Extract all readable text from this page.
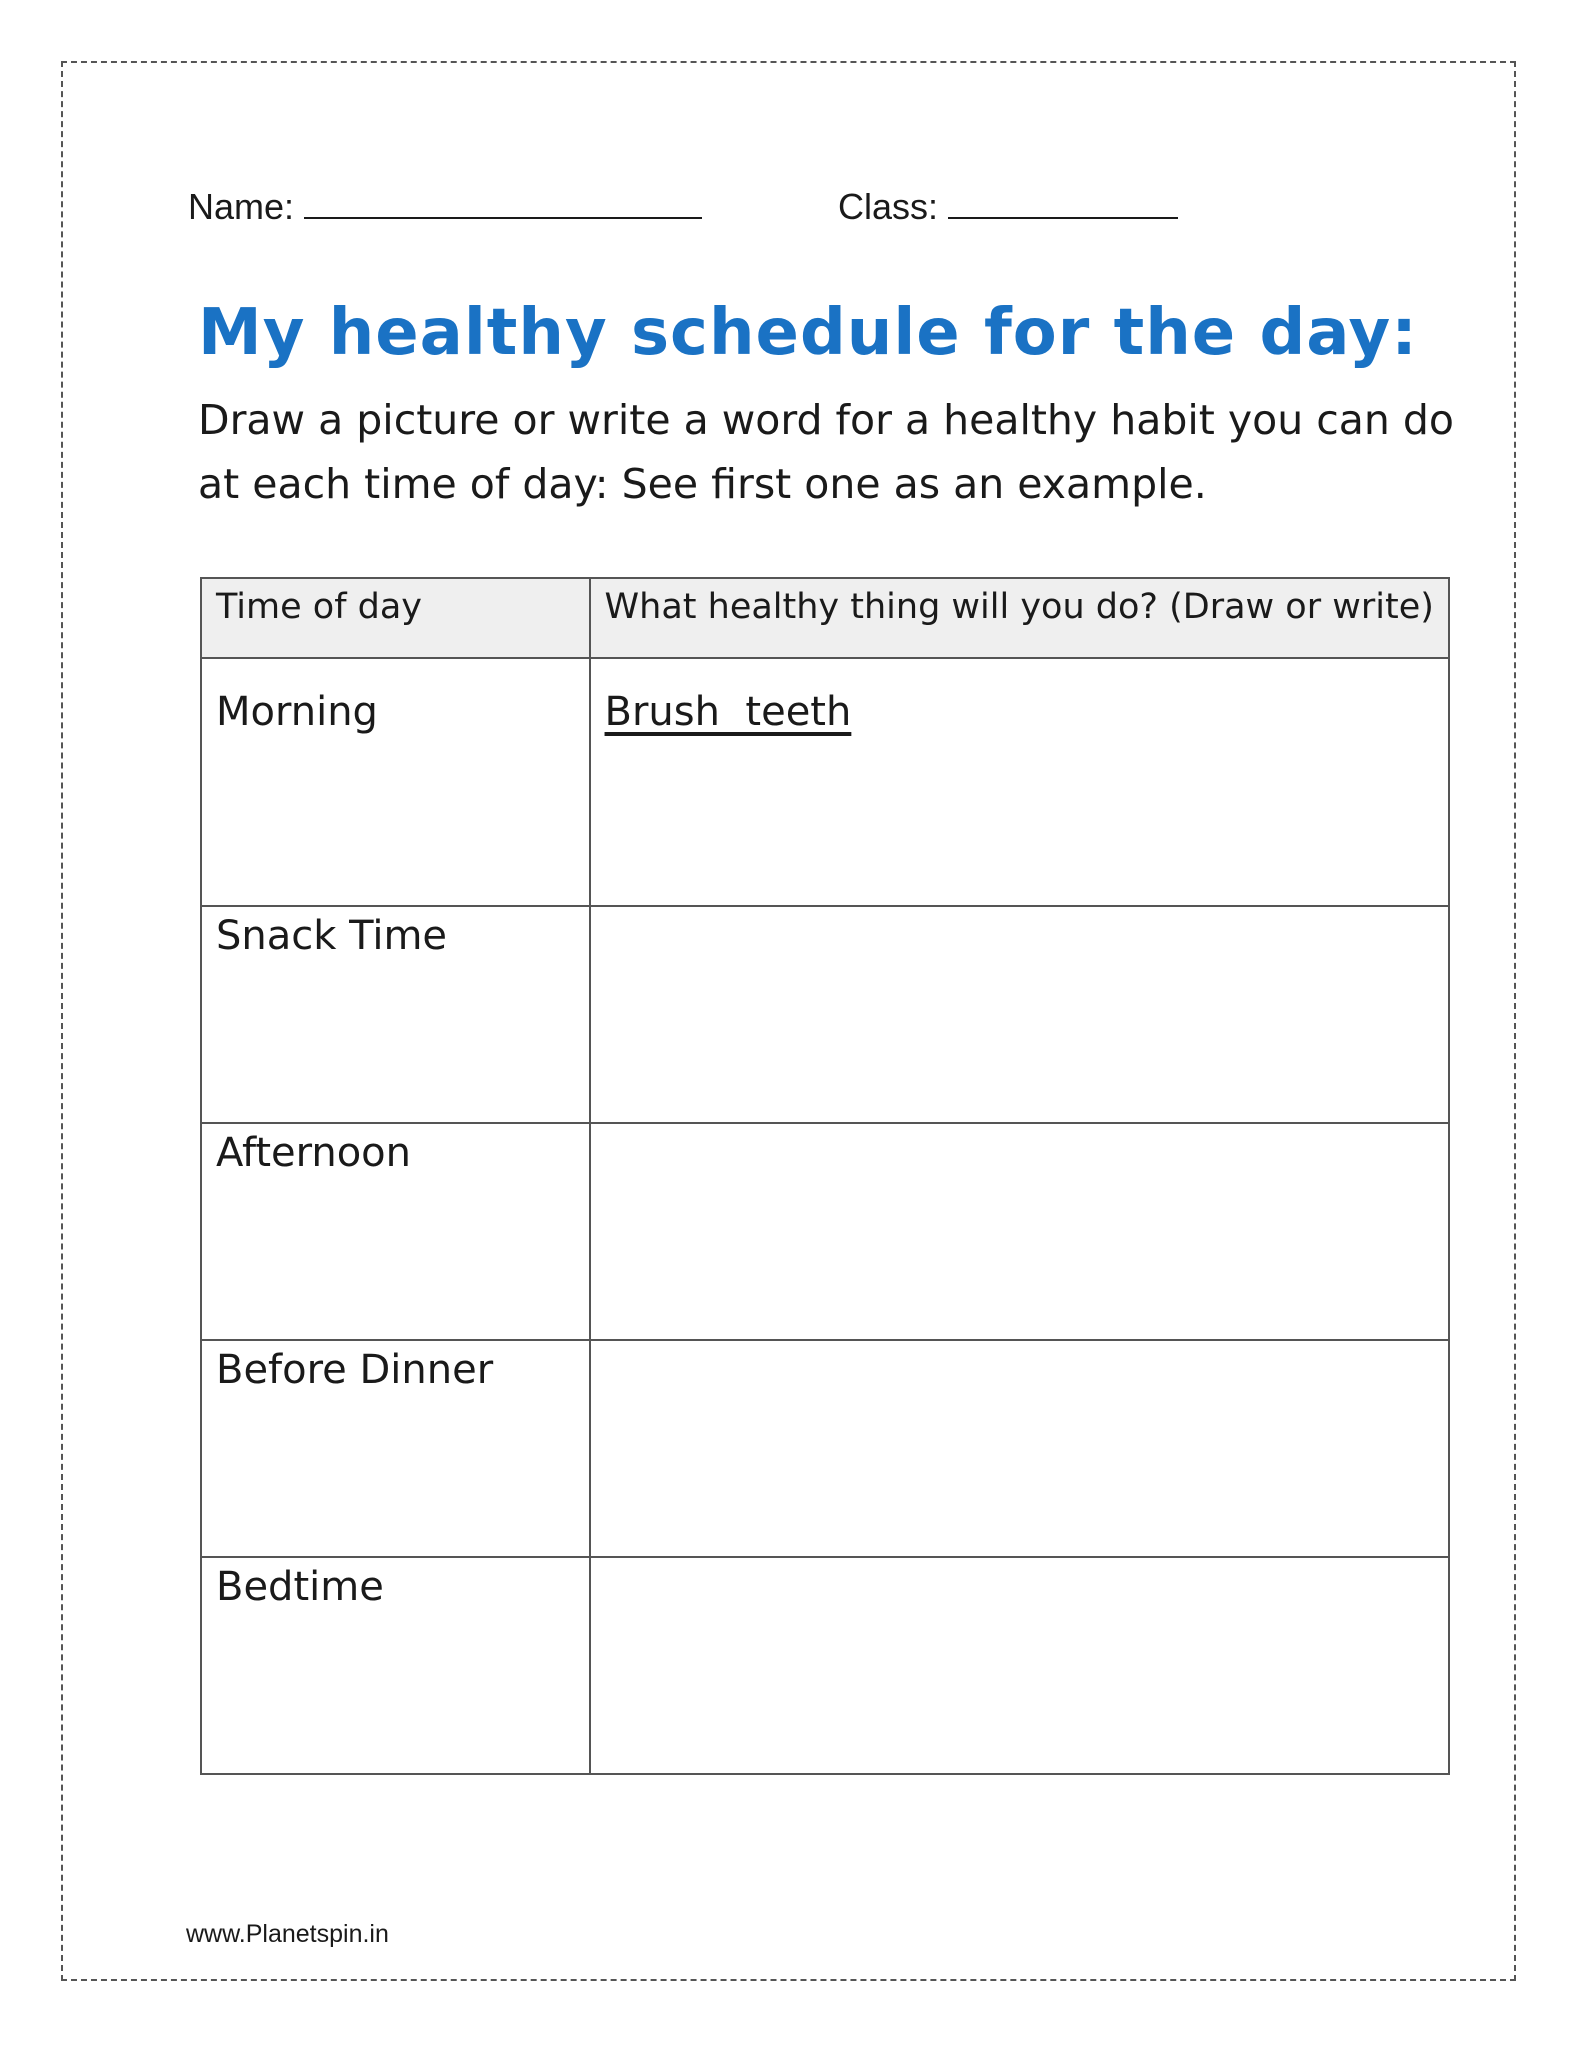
Name:	Class:
My healthy schedule for the day:

Draw a picture or write a word for a healthy habit you can do at each time of day: See first one as an example.

Time of day	What healthy thing will you do? (Draw or write)
Morning	Brush  teeth
Snack Time	
Afternoon	
Before Dinner	
Bedtime	
www.Planetspin.in
